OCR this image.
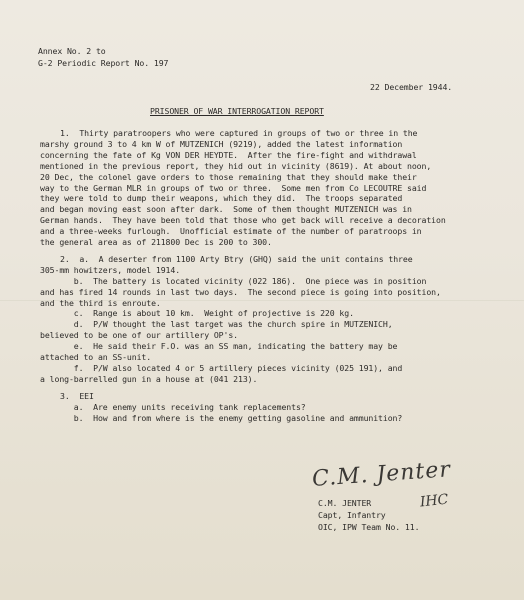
Annex No. 2 to
G-2 Periodic Report No. 197
22 December 1944.
PRISONER OF WAR INTERROGATION REPORT
1.  Thirty paratroopers who were captured in groups of two or three in the
marshy ground 3 to 4 km W of MUTZENICH (9219), added the latest information
concerning the fate of Kg VON DER HEYDTE.  After the fire-fight and withdrawal
mentioned in the previous report, they hid out in vicinity (8619). At about noon,
20 Dec, the colonel gave orders to those remaining that they should make their
way to the German MLR in groups of two or three.  Some men from Co LECOUTRE said
they were told to dump their weapons, which they did.  The troops separated
and began moving east soon after dark.  Some of them thought MUTZENICH was in
German hands.  They have been told that those who get back will receive a decoration
and a three-weeks furlough.  Unofficial estimate of the number of paratroops in
the general area as of 211800 Dec is 200 to 300.
2.  a.  A deserter from 1100 Arty Btry (GHQ) said the unit contains three
305-mm howitzers, model 1914.
b.  The battery is located vicinity (022 186).  One piece was in position
and has fired 14 rounds in last two days.  The second piece is going into position,
and the third is enroute.
c.  Range is about 10 km.  Weight of projective is 220 kg.
d.  P/W thought the last target was the church spire in MUTZENICH,
believed to be one of our artillery OP's.
e.  He said their F.O. was an SS man, indicating the battery may be
attached to an SS-unit.
f.  P/W also located 4 or 5 artillery pieces vicinity (025 191), and
a long-barrelled gun in a house at (041 213).
3.  EEI
a.  Are enemy units receiving tank replacements?
b.  How and from where is the enemy getting gasoline and ammunition?
C.M. Jenter
IHC
C.M. JENTER
Capt, Infantry
OIC, IPW Team No. 11.
